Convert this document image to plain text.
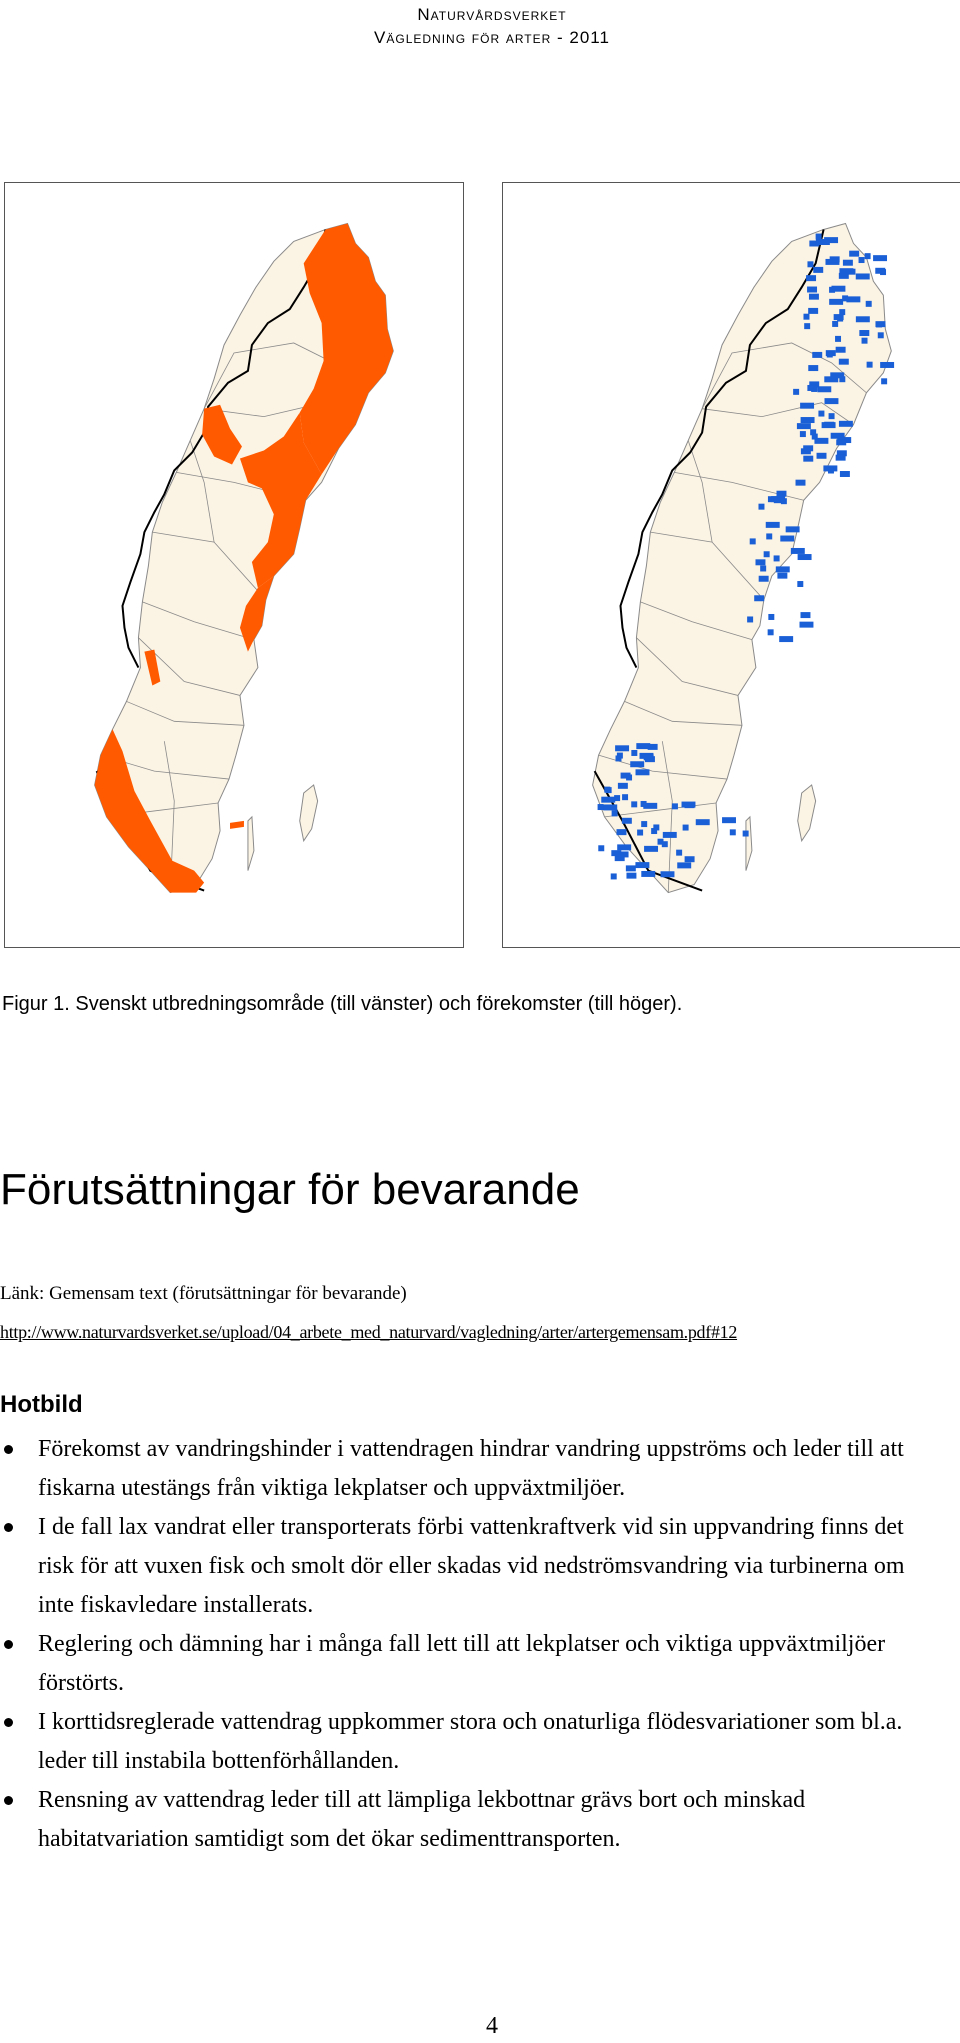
Naturvårdsverket
Vägledning för arter - 2011
Figur 1. Svenskt utbredningsområde (till vänster) och förekomster (till höger).
Förutsättningar för bevarande
Länk: Gemensam text (förutsättningar för bevarande)
http://www.naturvardsverket.se/upload/04_arbete_med_naturvard/vagledning/arter/artergemensam.pdf#12
Hotbild
Förekomst av vandringshinder i vattendragen hindrar vandring uppströms och leder till att fiskarna utestängs från viktiga lekplatser och uppväxtmiljöer.
I de fall lax vandrat eller transporterats förbi vattenkraftverk vid sin uppvandring finns det risk för att vuxen fisk och smolt dör eller skadas vid nedströmsvandring via turbinerna om inte fiskavledare installerats.
Reglering och dämning har i många fall lett till att lekplatser och viktiga uppväxtmiljöer förstörts.
I korttidsreglerade vattendrag uppkommer stora och onaturliga flödesvariationer som bl.a. leder till instabila bottenförhållanden.
Rensning av vattendrag leder till att lämpliga lekbottnar grävs bort och minskad habitatvariation samtidigt som det ökar sedimenttransporten.
4
